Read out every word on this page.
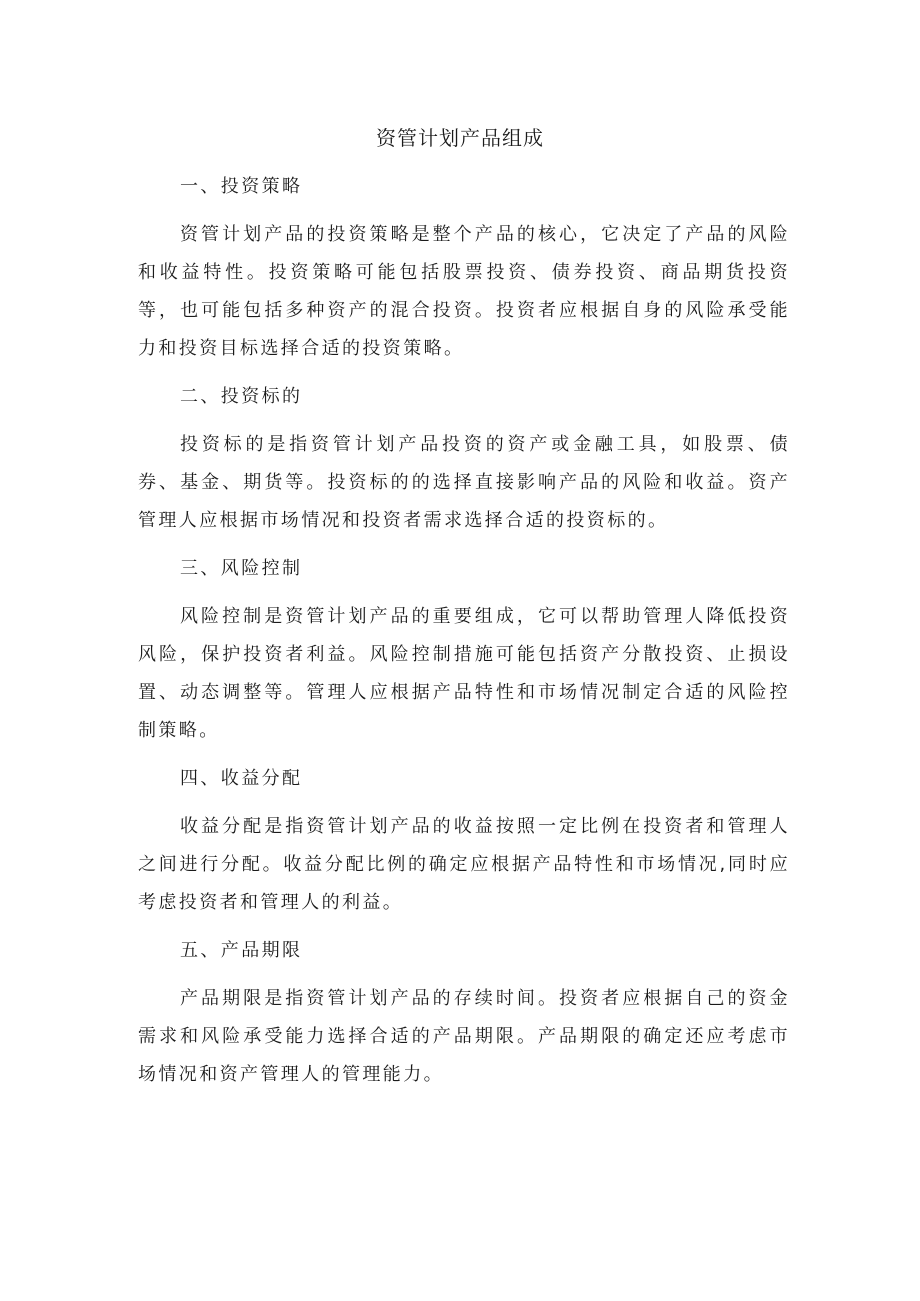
资管计划产品组成

一、投资策略

资管计划产品的投资策略是整个产品的核心，它决定了产品的风险和收益特性。投资策略可能包括股票投资、债券投资、商品期货投资等，也可能包括多种资产的混合投资。投资者应根据自身的风险承受能力和投资目标选择合适的投资策略。

二、投资标的

投资标的是指资管计划产品投资的资产或金融工具，如股票、债券、基金、期货等。投资标的的选择直接影响产品的风险和收益。资产管理人应根据市场情况和投资者需求选择合适的投资标的。

三、风险控制

风险控制是资管计划产品的重要组成，它可以帮助管理人降低投资风险，保护投资者利益。风险控制措施可能包括资产分散投资、止损设置、动态调整等。管理人应根据产品特性和市场情况制定合适的风险控制策略。

四、收益分配

收益分配是指资管计划产品的收益按照一定比例在投资者和管理人之间进行分配。收益分配比例的确定应根据产品特性和市场情况,同时应考虑投资者和管理人的利益。

五、产品期限

产品期限是指资管计划产品的存续时间。投资者应根据自己的资金需求和风险承受能力选择合适的产品期限。产品期限的确定还应考虑市场情况和资产管理人的管理能力。
